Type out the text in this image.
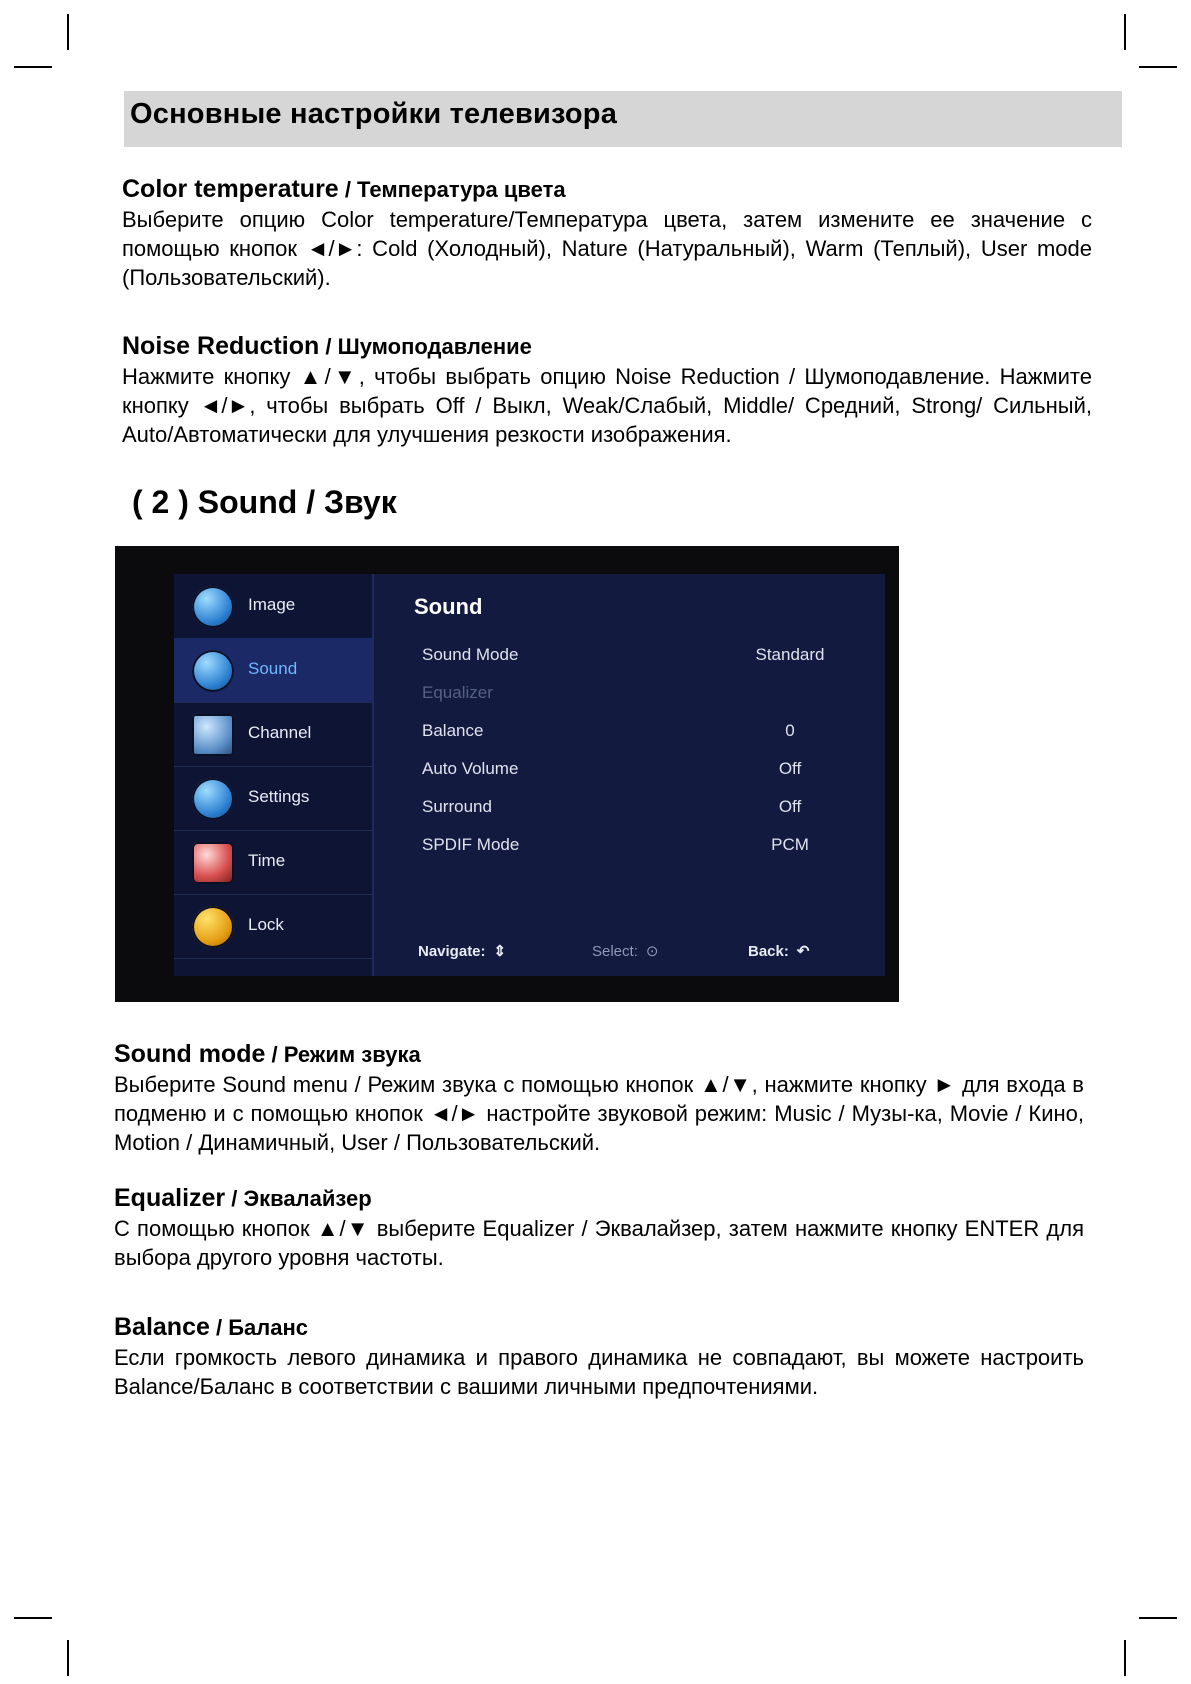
Основные настройки телевизора
Color temperature / Температура цвета
Выберите опцию Color temperature/Температура цвета, затем измените ее значение с помощью кнопок ◄/►: Cold (Холодный), Nature (Натуральный), Warm (Теплый), User mode (Пользовательский).
Noise Reduction / Шумоподавление
Нажмите кнопку ▲/▼, чтобы выбрать опцию Noise Reduction / Шумоподавление. Нажмите кнопку ◄/►, чтобы выбрать Off / Выкл, Weak/Слабый, Middle/ Средний, Strong/ Сильный, Auto/Автоматически для улучшения резкости изображения.
( 2 ) Sound / Звук
Image
Sound
Channel
Settings
Time
Lock
Sound
Sound Mode	Standard
Equalizer
Balance	0
Auto Volume	Off
Surround	Off
SPDIF Mode	PCM
Navigate: ⇕	Select: ⊙	Back: ↶
Sound mode / Режим звука
Выберите Sound menu / Режим звука с помощью кнопок ▲/▼, нажмите кнопку ► для входа в подменю и с помощью кнопок ◄/► настройте звуковой режим: Music / Музы-ка, Movie / Кино, Motion / Динамичный, User / Пользовательский.
Equalizer / Эквалайзер
С помощью кнопок ▲/▼ выберите Equalizer / Эквалайзер, затем нажмите кнопку ENTER для выбора другого уровня частоты.
Balance / Баланс
Если громкость левого динамика и правого динамика не совпадают, вы можете настроить Balance/Баланс в соответствии с вашими личными предпочтениями.
